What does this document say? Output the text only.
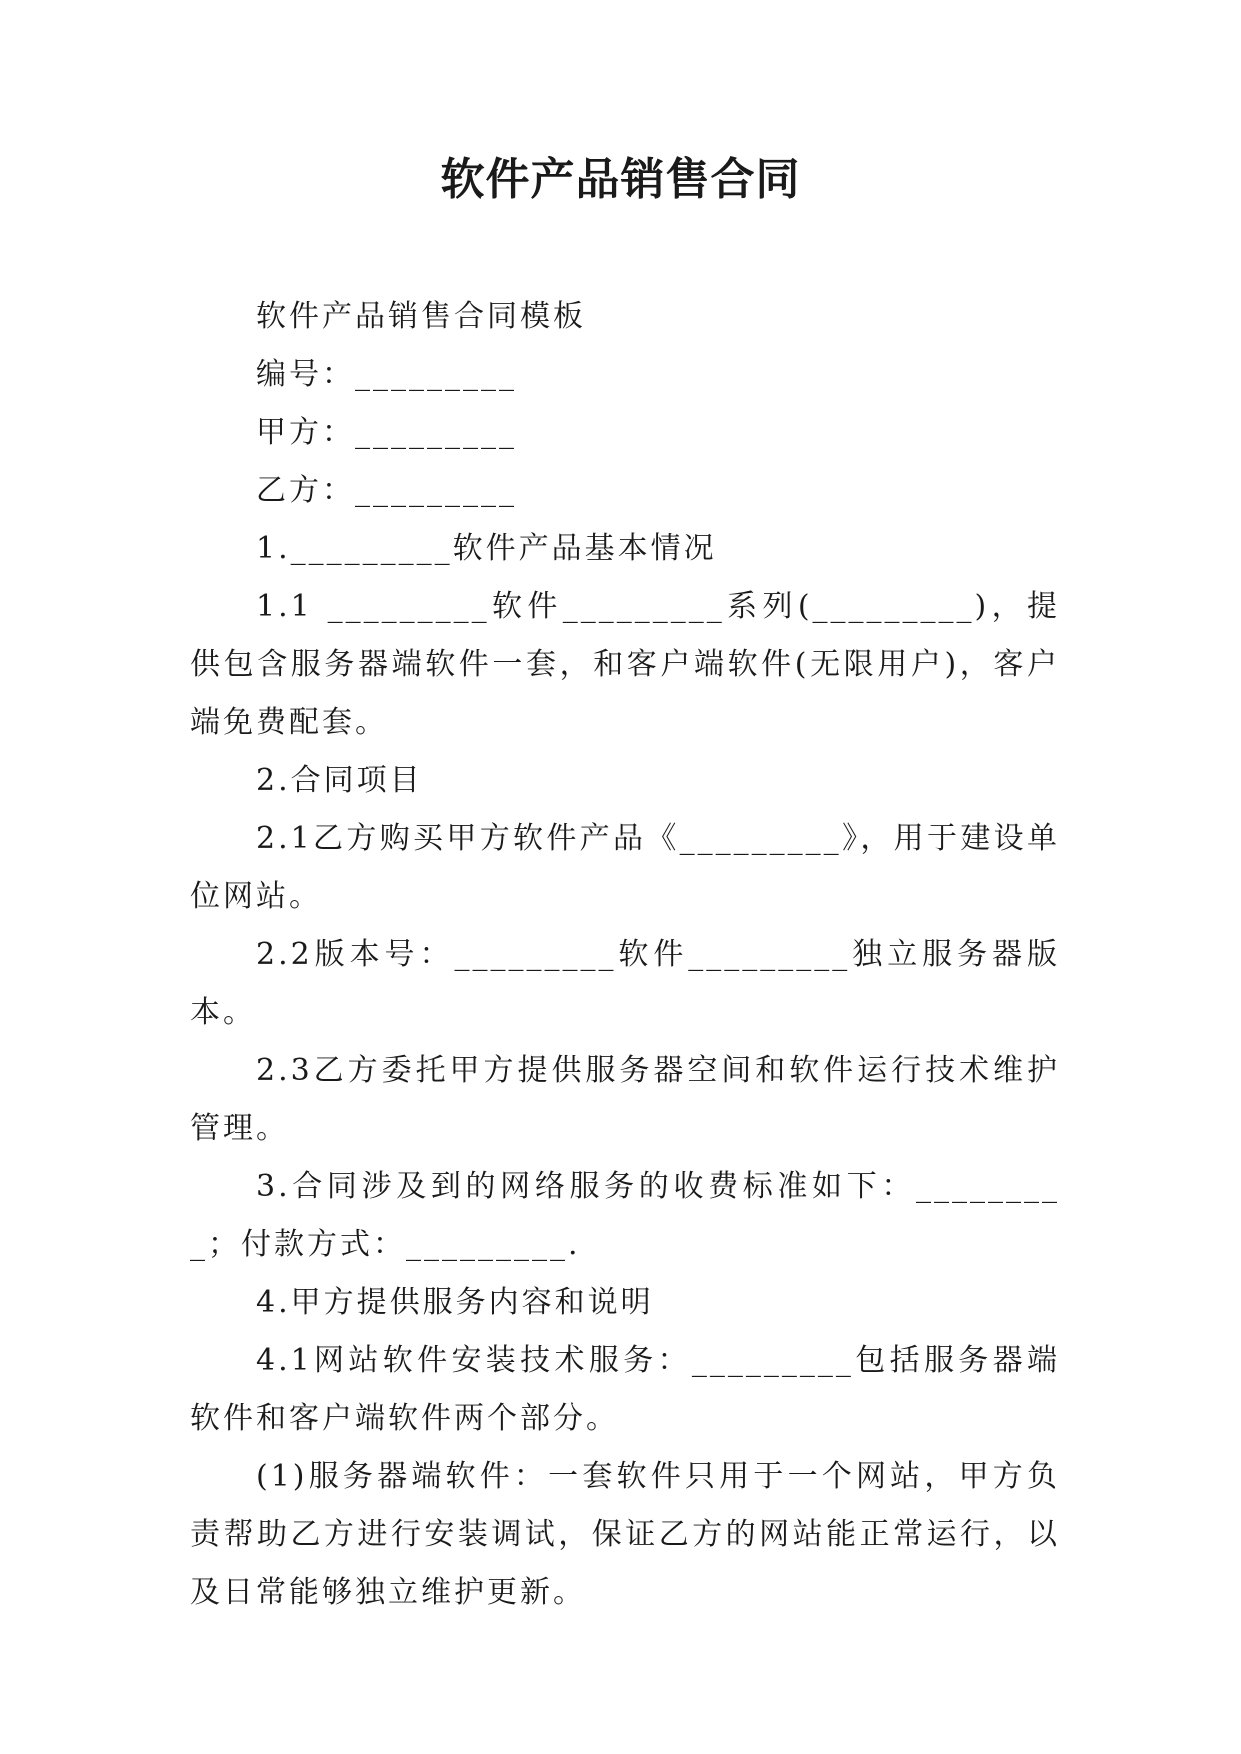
软件产品销售合同

软件产品销售合同模板

编号：_________

甲方：_________

乙方：_________

1._________软件产品基本情况

1.1 _________软件_________系列(_________)，提供包含服务器端软件一套，和客户端软件(无限用户)，客户端免费配套。

2.合同项目

2.1乙方购买甲方软件产品《_________》，用于建设单位网站。

2.2版本号：_________软件_________独立服务器版本。

2.3乙方委托甲方提供服务器空间和软件运行技术维护管理。

3.合同涉及到的网络服务的收费标准如下：_________；付款方式：_________.

4.甲方提供服务内容和说明

4.1网站软件安装技术服务：_________包括服务器端软件和客户端软件两个部分。

(1)服务器端软件：一套软件只用于一个网站，甲方负责帮助乙方进行安装调试，保证乙方的网站能正常运行，以及日常能够独立维护更新。
